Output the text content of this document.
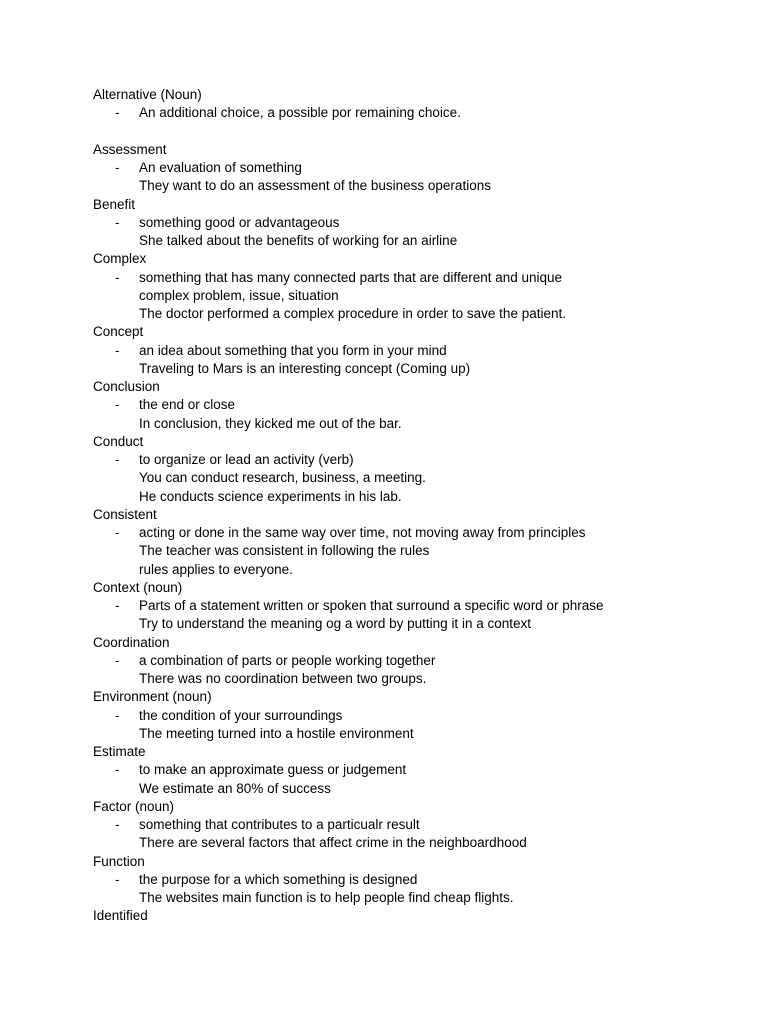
Alternative (Noun)
- An additional choice, a possible por remaining choice.
Assessment
- An evaluation of something
They want to do an assessment of the business operations
Benefit
- something good or advantageous
She talked about the benefits of working for an airline
Complex
- something that has many connected parts that are different and unique
complex problem, issue, situation
The doctor performed a complex procedure in order to save the patient.
Concept
- an idea about something that you form in your mind
Traveling to Mars is an interesting concept (Coming up)
Conclusion
- the end or close
In conclusion, they kicked me out of the bar.
Conduct
- to organize or lead an activity (verb)
You can conduct research, business, a meeting.
He conducts science experiments in his lab.
Consistent
- acting or done in the same way over time, not moving away from principles
The teacher was consistent in following the rules
rules applies to everyone.
Context (noun)
- Parts of a statement written or spoken that surround a specific word or phrase
Try to understand the meaning og a word by putting it in a context
Coordination
- a combination of parts or people working together
There was no coordination between two groups.
Environment (noun)
- the condition of your surroundings
The meeting turned into a hostile environment
Estimate
- to make an approximate guess or judgement
We estimate an 80% of success
Factor (noun)
- something that contributes to a particualr result
There are several factors that affect crime in the neighboardhood
Function
- the purpose for a which something is designed
The websites main function is to help people find cheap flights.
Identified
